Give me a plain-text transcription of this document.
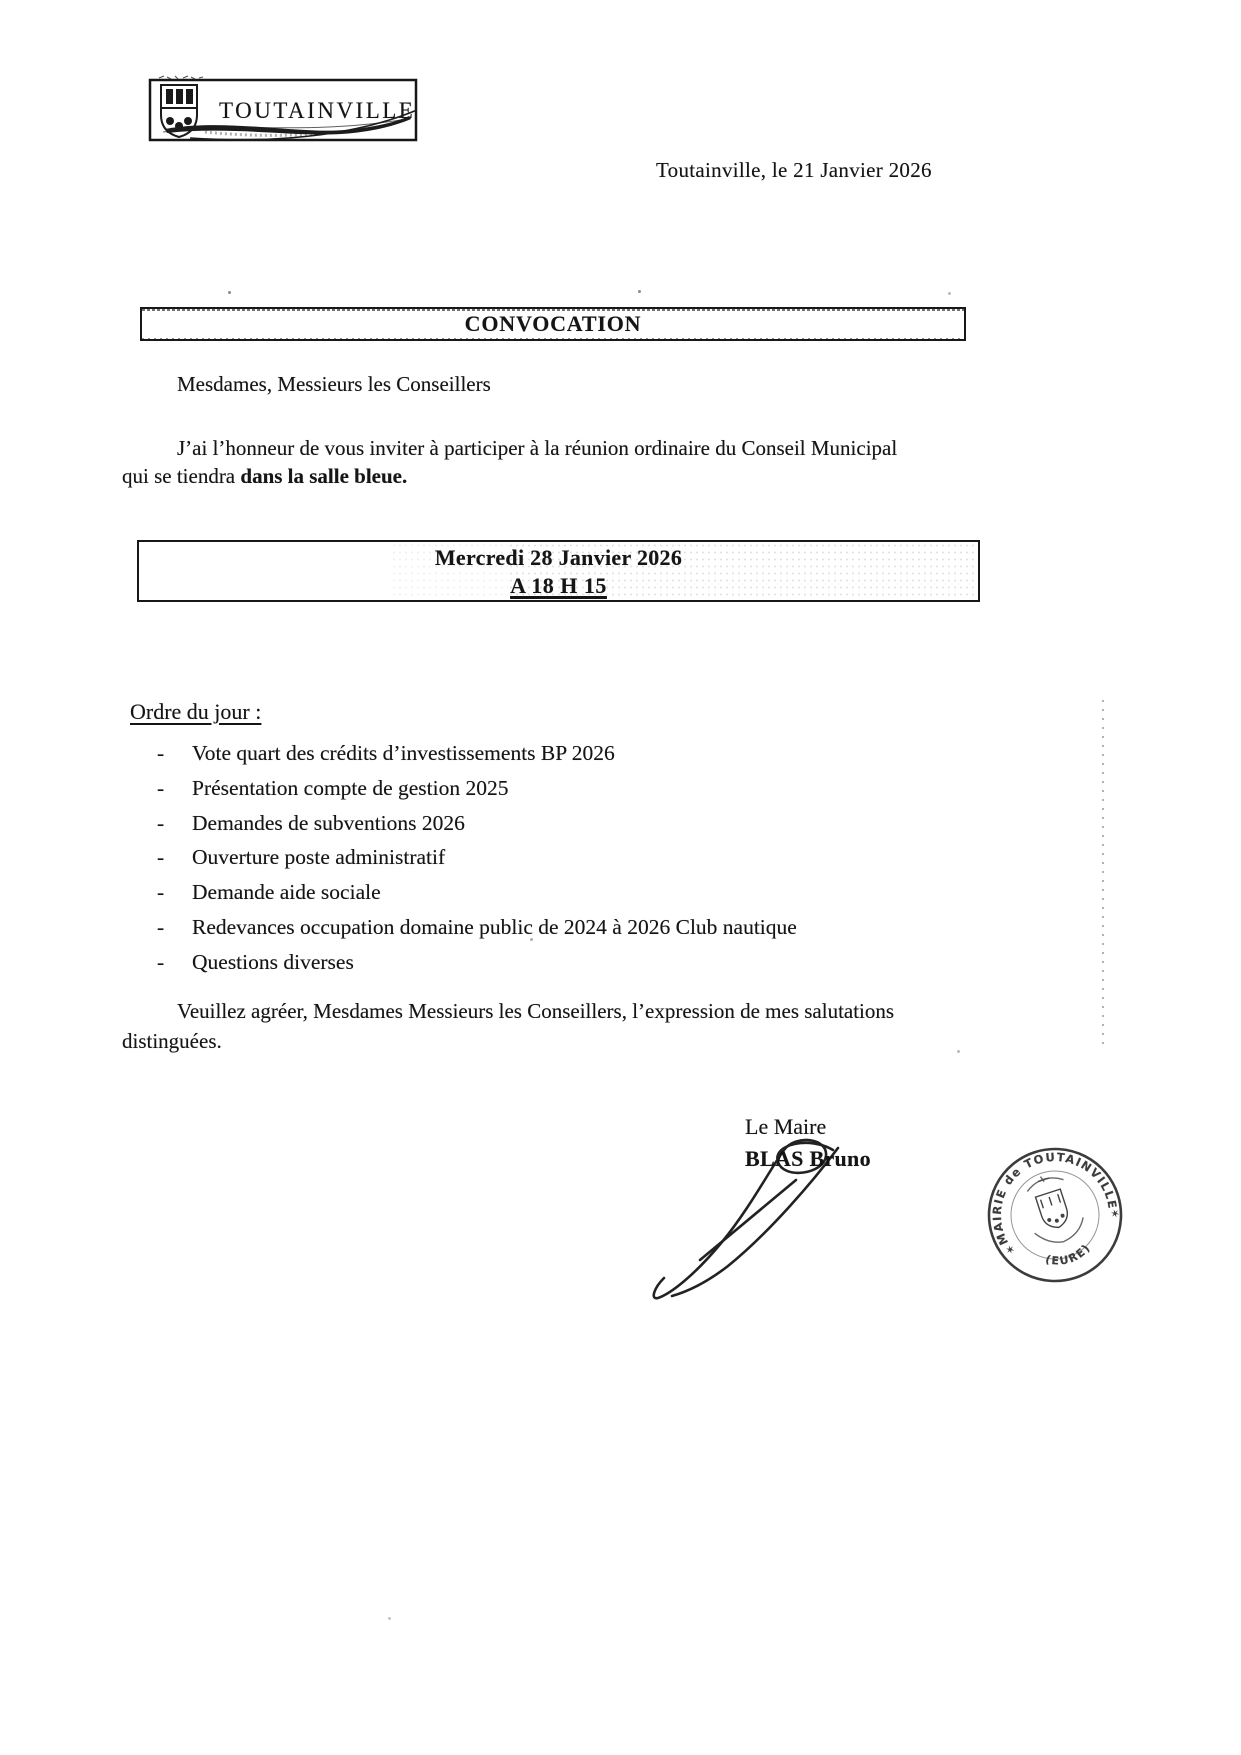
TOUTAINVILLE
Toutainville, le 21 Janvier 2026
CONVOCATION
Mesdames, Messieurs les Conseillers
J’ai l’honneur de vous inviter à participer à la réunion ordinaire du Conseil Municipal
qui se tiendra dans la salle bleue.
Mercredi 28 Janvier 2026
A 18 H 15
Ordre du jour :
-	Vote quart des crédits d’investissements BP 2026
-	Présentation compte de gestion 2025
-	Demandes de subventions 2026
-	Ouverture poste administratif
-	Demande aide sociale
-	Redevances occupation domaine public de 2024 à 2026 Club nautique
-	Questions diverses
Veuillez agréer, Mesdames Messieurs les Conseillers, l’expression de mes salutations
distinguées.
Le Maire
BLAS Bruno
MAIRIE de TOUTAINVILLE
(EURE)
✶
✶
